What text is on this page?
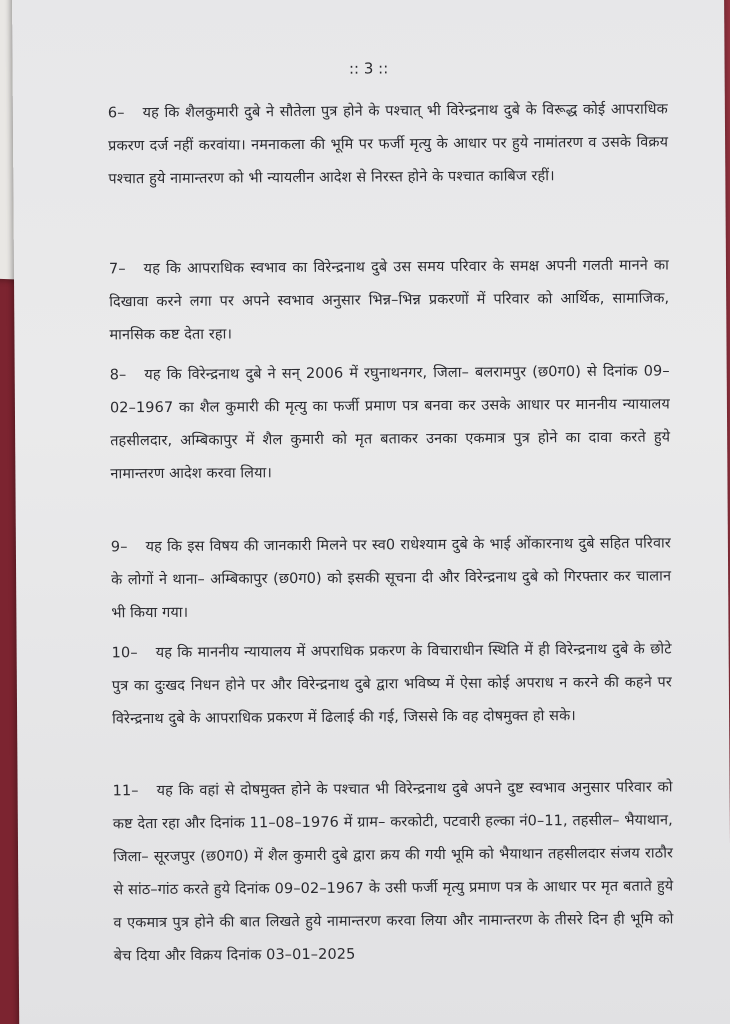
:: 3 ::
6– यह कि शैलकुमारी दुबे ने सौतेला पुत्र होने के पश्चात् भी विरेन्द्रनाथ दुबे के विरूद्ध कोई आपराधिक प्रकरण दर्ज नहीं करवांया। नमनाकला की भूमि पर फर्जी मृत्यु के आधार पर हुये नामांतरण व उसके विक्रय पश्चात हुये नामान्तरण को भी न्यायलीन आदेश से निरस्त होने के पश्चात काबिज रहीं।
7– यह कि आपराधिक स्वभाव का विरेन्द्रनाथ दुबे उस समय परिवार के समक्ष अपनी गलती मानने का दिखावा करने लगा पर अपने स्वभाव अनुसार भिन्न–भिन्न प्रकरणों में परिवार को आर्थिक, सामाजिक, मानसिक कष्ट देता रहा।
8– यह कि विरेन्द्रनाथ दुबे ने सन् 2006 में रघुनाथनगर, जिला– बलरामपुर (छ0ग0) से दिनांक 09–02–1967 का शैल कुमारी की मृत्यु का फर्जी प्रमाण पत्र बनवा कर उसके आधार पर माननीय न्यायालय तहसीलदार, अम्बिकापुर में शैल कुमारी को मृत बताकर उनका एकमात्र पुत्र होने का दावा करते हुये नामान्तरण आदेश करवा लिया।
9– यह कि इस विषय की जानकारी मिलने पर स्व0 राधेश्याम दुबे के भाई ओंकारनाथ दुबे सहित परिवार के लोगों ने थाना– अम्बिकापुर (छ0ग0) को इसकी सूचना दी और विरेन्द्रनाथ दुबे को गिरफ्तार कर चालान भी किया गया।
10– यह कि माननीय न्यायालय में अपराधिक प्रकरण के विचाराधीन स्थिति में ही विरेन्द्रनाथ दुबे के छोटे पुत्र का दुःखद निधन होने पर और विरेन्द्रनाथ दुबे द्वारा भविष्य में ऐसा कोई अपराध न करने की कहने पर विरेन्द्रनाथ दुबे के आपराधिक प्रकरण में ढिलाई की गई, जिससे कि वह दोषमुक्त हो सके।
11– यह कि वहां से दोषमुक्त होने के पश्चात भी विरेन्द्रनाथ दुबे अपने दुष्ट स्वभाव अनुसार परिवार को कष्ट देता रहा और दिनांक 11–08–1976 में ग्राम– करकोटी, पटवारी हल्का नं0–11, तहसील– भैयाथान, जिला– सूरजपुर (छ0ग0) में शैल कुमारी दुबे द्वारा क्रय की गयी भूमि को भैयाथान तहसीलदार संजय राठौर से सांठ–गांठ करते हुये दिनांक 09–02–1967 के उसी फर्जी मृत्यु प्रमाण पत्र के आधार पर मृत बताते हुये व एकमात्र पुत्र होने की बात लिखते हुये नामान्तरण करवा लिया और नामान्तरण के तीसरे दिन ही भूमि को बेच दिया और विक्रय दिनांक 03–01–2025
